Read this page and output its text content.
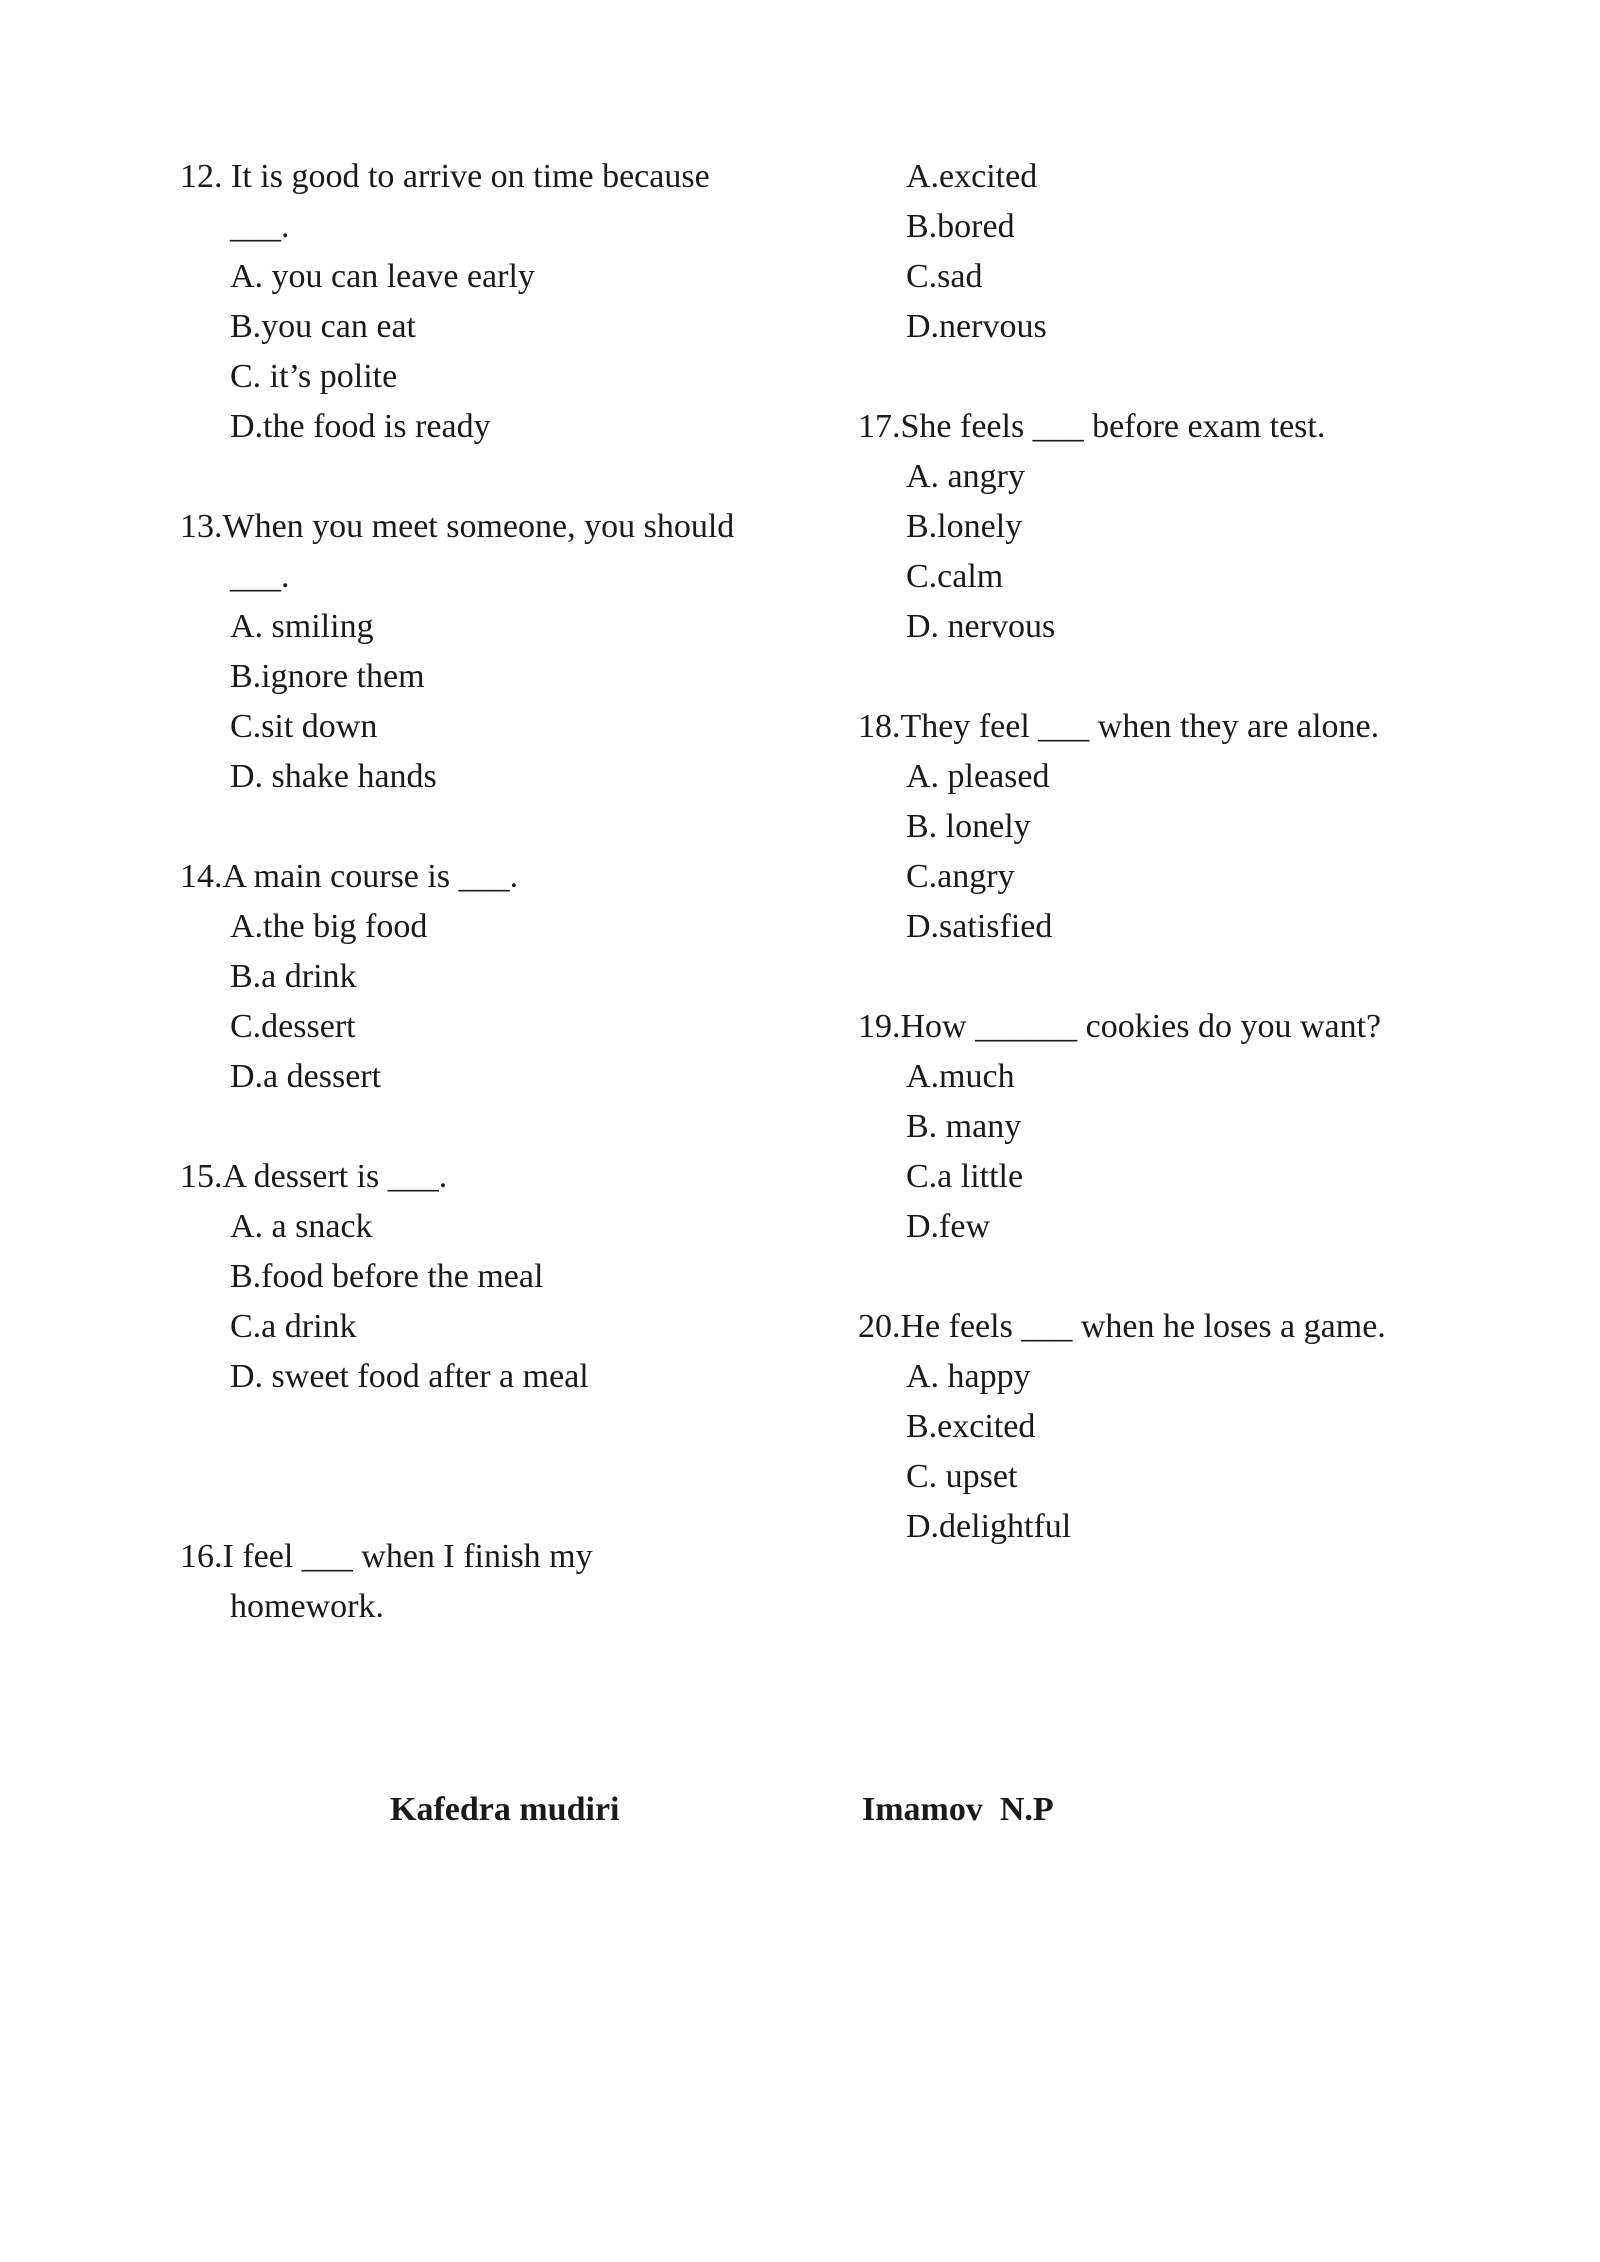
12. It is good to arrive on time because
___.
A. you can leave early
B.you can eat
C. it’s polite
D.the food is ready
13.When you meet someone, you should
___.
A. smiling
B.ignore them
C.sit down
D. shake hands
14.A main course is ___.
A.the big food
B.a drink
C.dessert
D.a dessert
15.A dessert is ___.
A. a snack
B.food before the meal
C.a drink
D. sweet food after a meal
16.I feel ___ when I finish my
homework.
A.excited
B.bored
C.sad
D.nervous
17.She feels ___ before exam test.
A. angry
B.lonely
C.calm
D. nervous
18.They feel ___ when they are alone.
A. pleased
B. lonely
C.angry
D.satisfied
19.How ______ cookies do you want?
A.much
B. many
C.a little
D.few
20.He feels ___ when he loses a game.
A. happy
B.excited
C. upset
D.delightful
Kafedra mudiri	Imamov  N.P
